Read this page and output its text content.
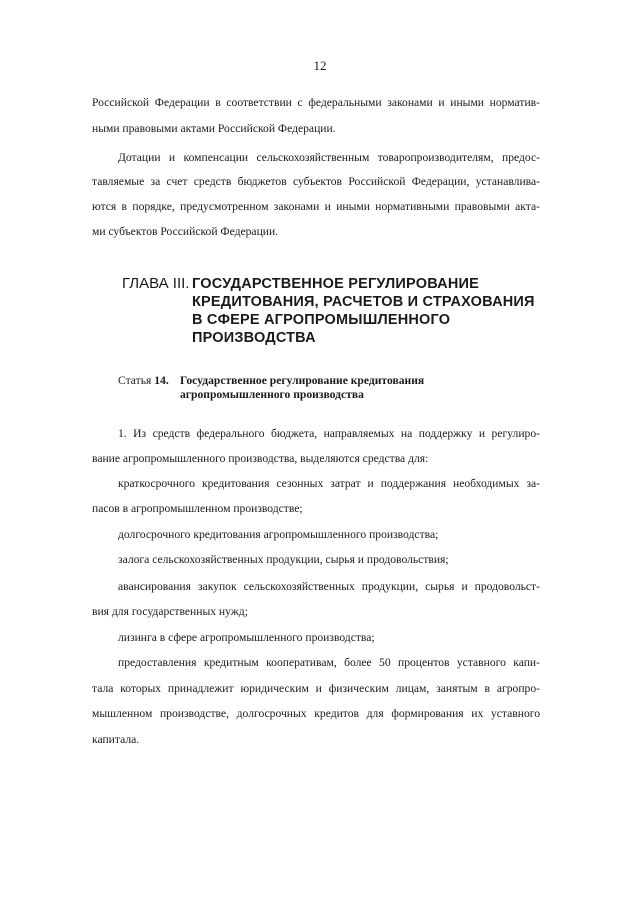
12
Российской Федерации в соответствии с федеральными законами и иными норматив-
ными правовыми актами Российской Федерации.
Дотации и компенсации сельскохозяйственным товаропроизводителям, предос-
тавляемые за счет средств бюджетов субъектов Российской Федерации, устанавлива-
ются в порядке, предусмотренном законами и иными нормативными правовыми акта-
ми субъектов Российской Федерации.
ГЛАВА III. ГОСУДАРСТВЕННОЕ РЕГУЛИРОВАНИЕ
КРЕДИТОВАНИЯ, РАСЧЕТОВ И СТРАХОВАНИЯ
В СФЕРЕ АГРОПРОМЫШЛЕННОГО
ПРОИЗВОДСТВА
Статья 14. Государственное регулирование кредитования
агропромышленного производства
1. Из средств федерального бюджета, направляемых на поддержку и регулиро-
вание агропромышленного производства, выделяются средства для:
краткосрочного кредитования сезонных затрат и поддержания необходимых за-
пасов в агропромышленном производстве;
долгосрочного кредитования агропромышленного производства;
залога сельскохозяйственных продукции, сырья и продовольствия;
авансирования закупок сельскохозяйственных продукции, сырья и продовольст-
вия для государственных нужд;
лизинга в сфере агропромышленного производства;
предоставления кредитным кооперативам, более 50 процентов уставного капи-
тала которых принадлежит юридическим и физическим лицам, занятым в агропро-
мышленном производстве, долгосрочных кредитов для формирования их уставного
капитала.
